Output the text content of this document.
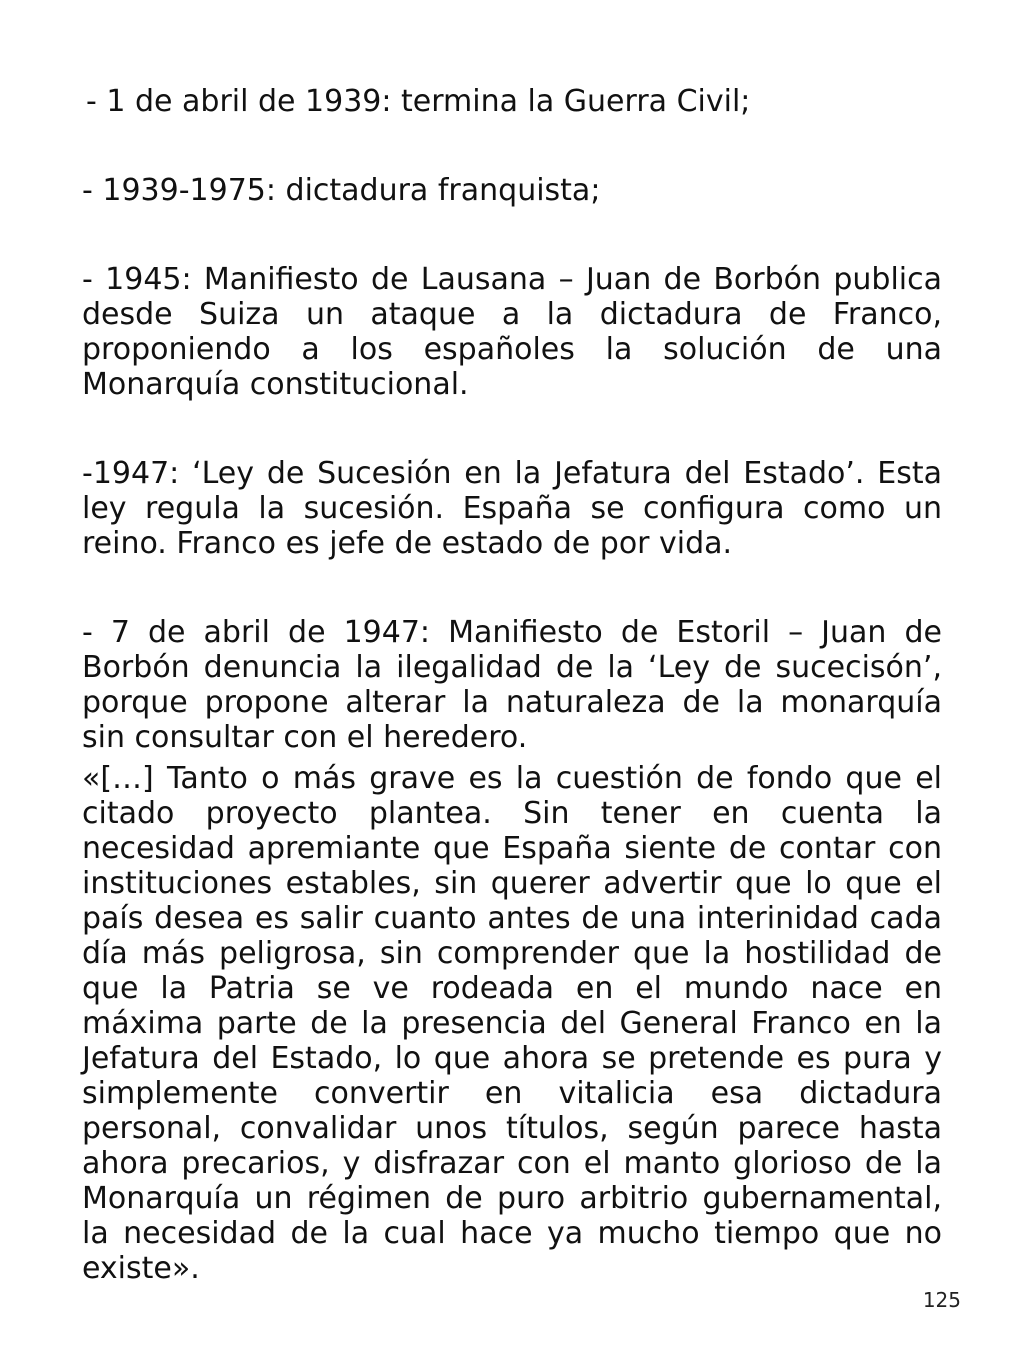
- 1 de abril de 1939: termina la Guerra Civil;

- 1939-1975: dictadura franquista;

- 1945: Manifiesto de Lausana – Juan de Borbón publica desde Suiza un ataque a la dictadura de Franco, proponiendo a los españoles la solución de una Monarquía constitucional.

-1947: ‘Ley de Sucesión en la Jefatura del Estado’. Esta ley regula la sucesión. España se configura como un reino. Franco es jefe de estado de por vida.

- 7 de abril de 1947: Manifiesto de Estoril – Juan de Borbón denuncia la ilegalidad de la ‘Ley de sucecisón’, porque propone alterar la naturaleza de la monarquía sin consultar con el heredero.

«[…] Tanto o más grave es la cuestión de fondo que el citado proyecto plantea. Sin tener en cuenta la necesidad apremiante que España siente de contar con instituciones estables, sin querer advertir que lo que el país desea es salir cuanto antes de una interinidad cada día más peligrosa, sin comprender que la hostilidad de que la Patria se ve rodeada en el mundo nace en máxima parte de la presencia del General Franco en la Jefatura del Estado, lo que ahora se pretende es pura y simplemente convertir en vitalicia esa dictadura personal, convalidar unos títulos, según parece hasta ahora precarios, y disfrazar con el manto glorioso de la Monarquía un régimen de puro arbitrio gubernamental, la necesidad de la cual hace ya mucho tiempo que no existe».

125
